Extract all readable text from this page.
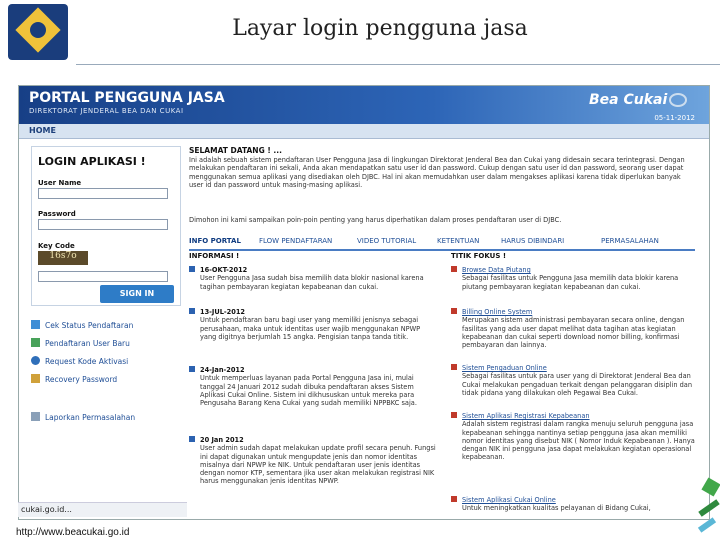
Layar login pengguna jasa
PORTAL PENGGUNA JASA
DIREKTORAT JENDERAL BEA DAN CUKAI
Bea Cukai
HOME
05-11-2012
LOGIN APLIKASI !
User Name
Password
Key Code
16s7o
SIGN IN
Cek Status Pendaftaran
Pendaftaran User Baru
Request Kode Aktivasi
Recovery Password
Laporkan Permasalahan
SELAMAT DATANG ! ...
Ini adalah sebuah sistem pendaftaran User Pengguna Jasa di lingkungan Direktorat Jenderal Bea dan Cukai yang didesain secara terintegrasi. Dengan melakukan pendaftaran ini sekali, Anda akan mendapatkan satu user id dan password. Cukup dengan satu user id dan password, seorang user dapat menggunakan semua aplikasi yang disediakan oleh DJBC. Hal ini akan memudahkan user dalam mengakses aplikasi karena tidak diperlukan banyak user id dan password untuk masing-masing aplikasi.
Dimohon ini kami sampaikan poin-poin penting yang harus diperhatikan dalam proses pendaftaran user di DJBC.
INFO PORTAL	FLOW PENDAFTARAN	VIDEO TUTORIAL	KETENTUAN	HARUS DIBINDARI	PERMASALAHAN
INFORMASI !
16-OKT-2012
User Pengguna Jasa sudah bisa memilih data blokir nasional karena tagihan pembayaran kegiatan kepabeanan dan cukai.
13-JUL-2012
Untuk pendaftaran baru bagi user yang memiliki jenisnya sebagai perusahaan, maka untuk identitas user wajib menggunakan NPWP yang digitnya berjumlah 15 angka. Pengisian tanpa tanda titik.
24-Jan-2012
Untuk memperluas layanan pada Portal Pengguna Jasa ini, mulai tanggal 24 Januari 2012 sudah dibuka pendaftaran akses Sistem Aplikasi Cukai Online. Sistem ini dikhususkan untuk mereka para Pengusaha Barang Kena Cukai yang sudah memiliki NPPBKC saja.
20 Jan 2012
User admin sudah dapat melakukan update profil secara penuh. Fungsi ini dapat digunakan untuk mengupdate jenis dan nomor identitas misalnya dari NPWP ke NIK. Untuk pendaftaran user jenis identitas dengan nomor KTP, sementara jika user akan melakukan registrasi NIK harus menggunakan jenis identitas NPWP.
TITIK FOKUS !
Browse Data Piutang
Sebagai fasilitas untuk Pengguna Jasa memilih data blokir karena piutang pembayaran kegiatan kepabeanan dan cukai.
Billing Online System
Merupakan sistem administrasi pembayaran secara online, dengan fasilitas yang ada user dapat melihat data tagihan atas kegiatan kepabeanan dan cukai seperti download nomor billing, konfirmasi pembayaran dan lainnya.
Sistem Pengaduan Online
Sebagai fasilitas untuk para user yang di Direktorat Jenderal Bea dan Cukai melakukan pengaduan terkait dengan pelanggaran disiplin dan tidak pidana yang dilakukan oleh Pegawai Bea Cukai.
Sistem Aplikasi Registrasi Kepabeanan
Adalah sistem registrasi dalam rangka menuju seluruh pengguna jasa kepabeanan sehingga nantinya setiap pengguna jasa akan memiliki nomor identitas yang disebut NIK ( Nomor Induk Kepabeanan ). Hanya dengan NIK ini pengguna jasa dapat melakukan kegiatan operasional kepabeanan.
Sistem Aplikasi Cukai Online
Untuk meningkatkan kualitas pelayanan di Bidang Cukai,
cukai.go.id...
http://www.beacukai.go.id
